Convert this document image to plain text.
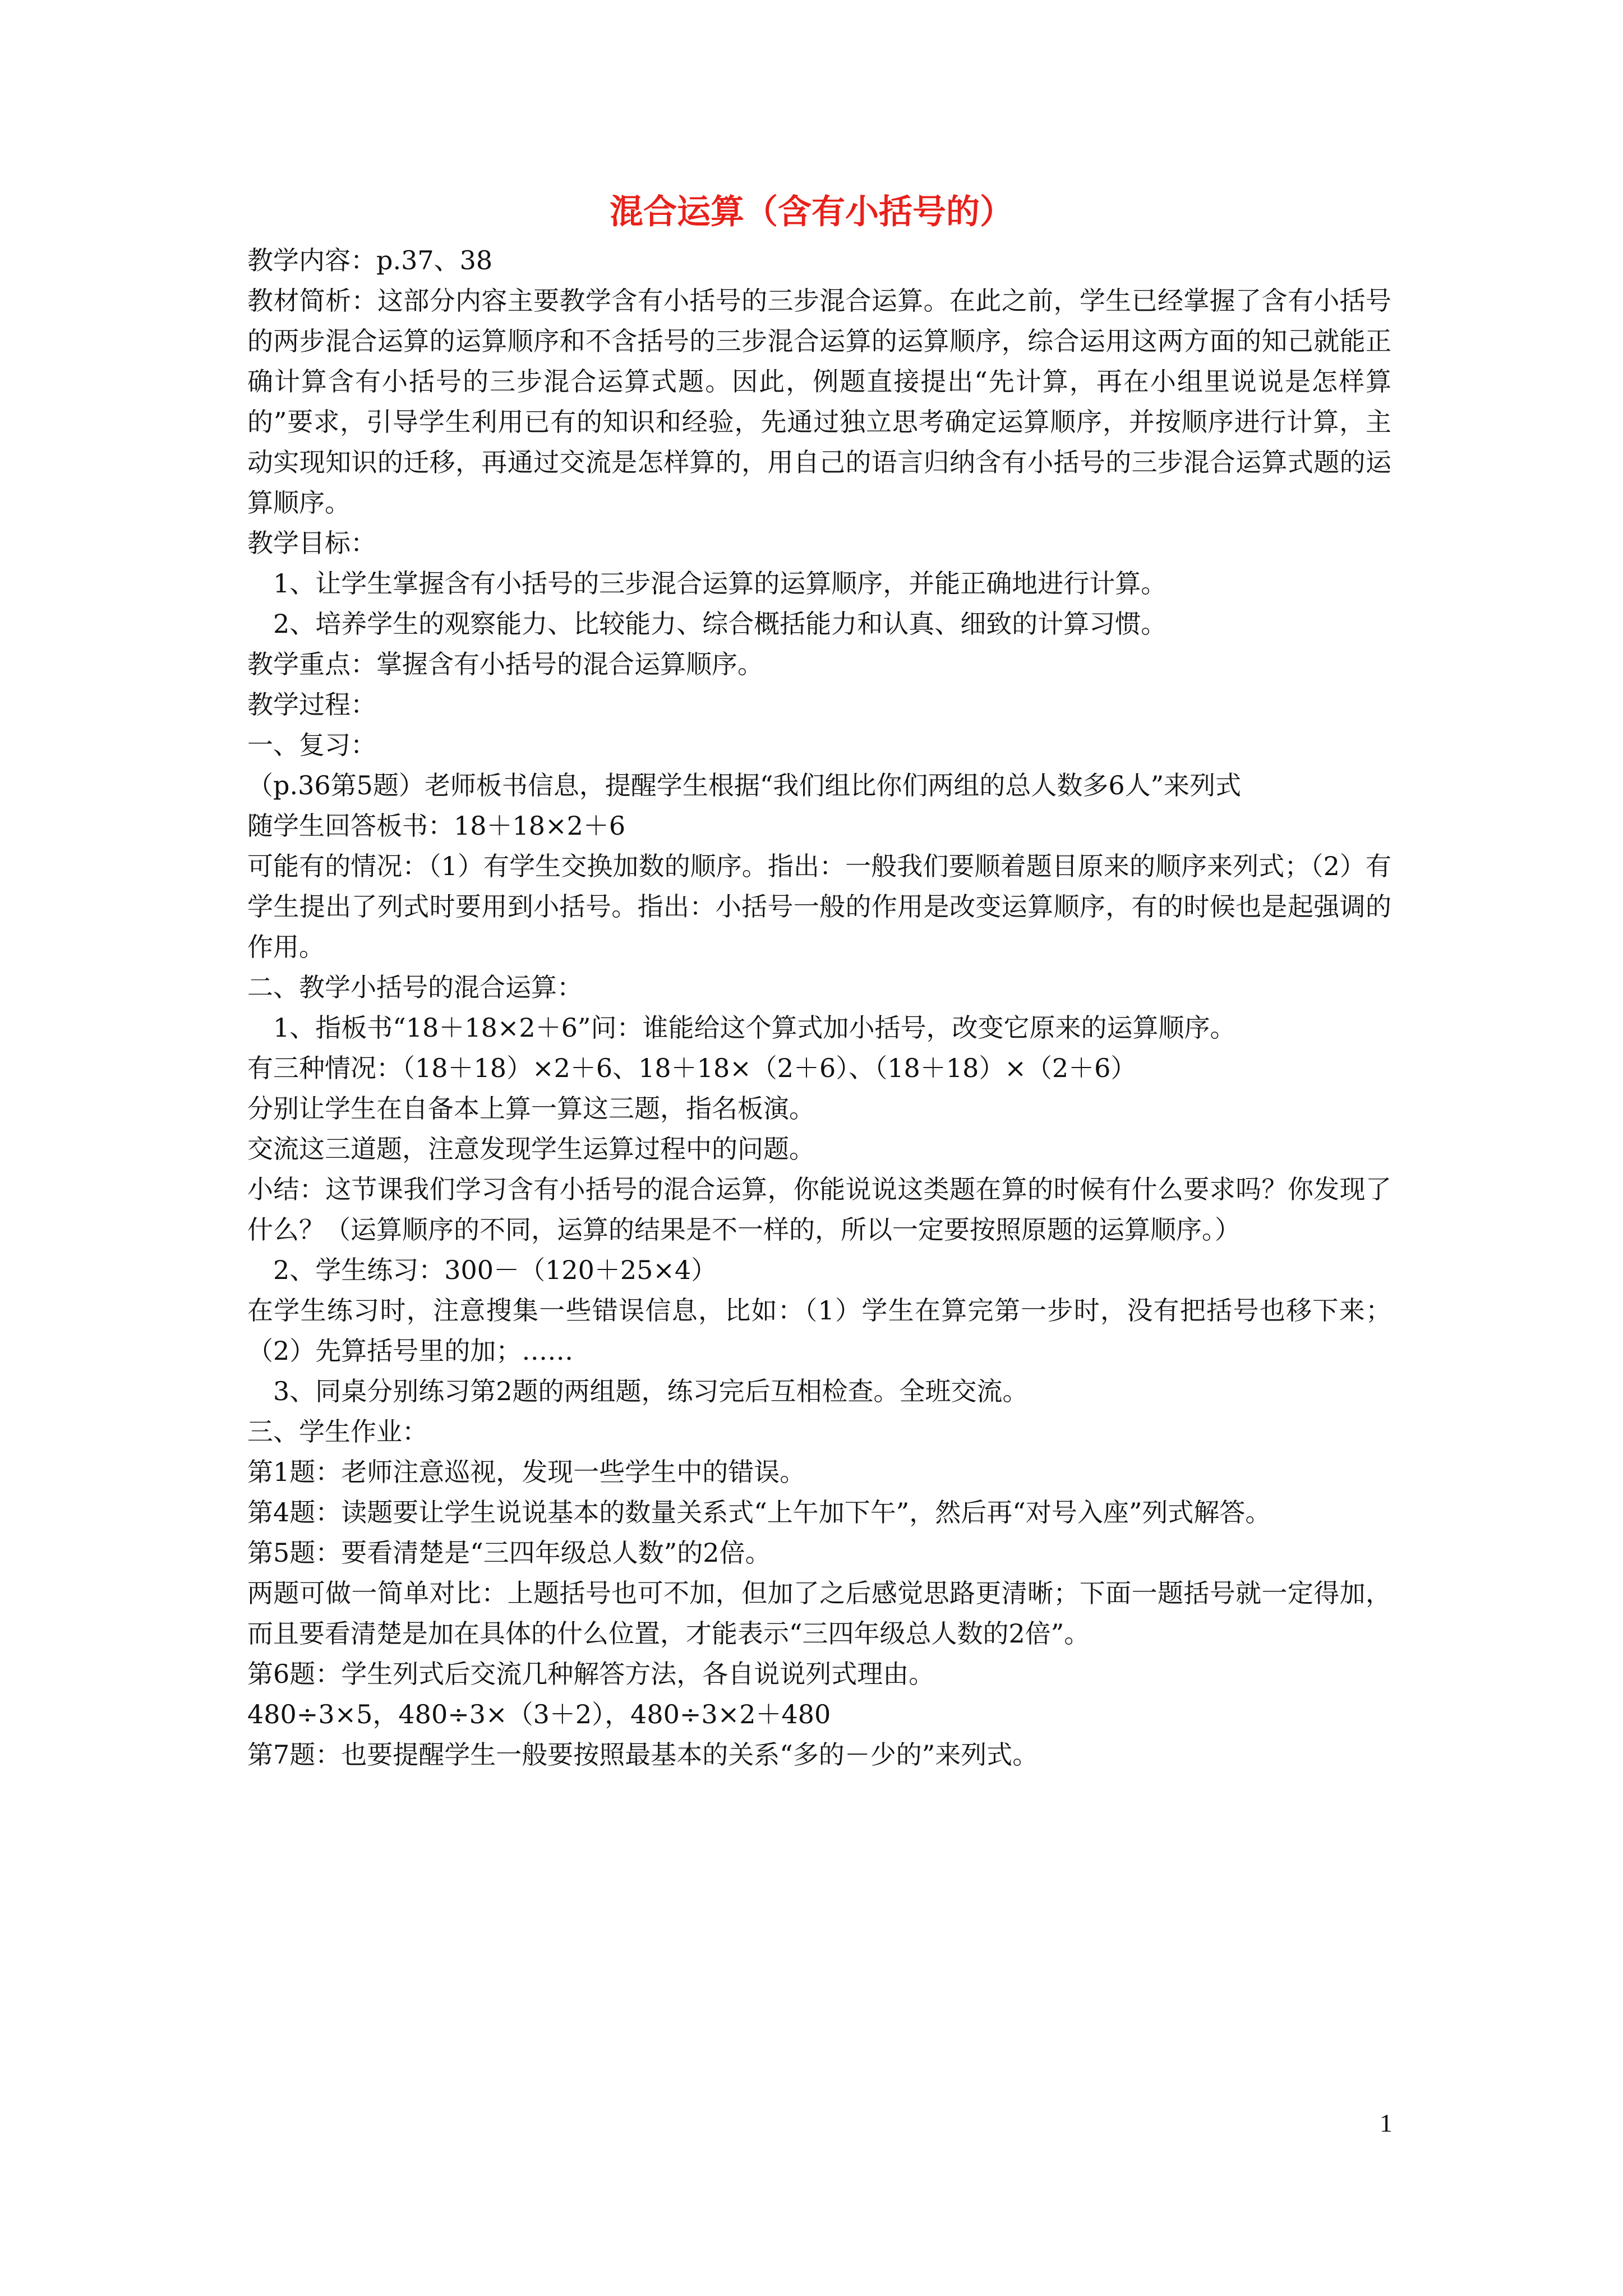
混合运算（含有小括号的）

教学内容：p.37、38

教材简析：这部分内容主要教学含有小括号的三步混合运算。在此之前，学生已经掌握了含有小括号的两步混合运算的运算顺序和不含括号的三步混合运算的运算顺序，综合运用这两方面的知己就能正确计算含有小括号的三步混合运算式题。因此，例题直接提出“先计算，再在小组里说说是怎样算的”要求，引导学生利用已有的知识和经验，先通过独立思考确定运算顺序，并按顺序进行计算，主动实现知识的迁移，再通过交流是怎样算的，用自己的语言归纳含有小括号的三步混合运算式题的运算顺序。

教学目标：

1、让学生掌握含有小括号的三步混合运算的运算顺序，并能正确地进行计算。

2、培养学生的观察能力、比较能力、综合概括能力和认真、细致的计算习惯。

教学重点：掌握含有小括号的混合运算顺序。

教学过程：

一、复习：

（p.36第5题）老师板书信息，提醒学生根据“我们组比你们两组的总人数多6人”来列式

随学生回答板书：18＋18×2＋6

可能有的情况：（1）有学生交换加数的顺序。指出：一般我们要顺着题目原来的顺序来列式；（2）有学生提出了列式时要用到小括号。指出：小括号一般的作用是改变运算顺序，有的时候也是起强调的作用。

二、教学小括号的混合运算：

1、指板书“18＋18×2＋6”问：谁能给这个算式加小括号，改变它原来的运算顺序。

有三种情况：（18＋18）×2＋6、18＋18×（2＋6）、（18＋18）×（2＋6）

分别让学生在自备本上算一算这三题，指名板演。

交流这三道题，注意发现学生运算过程中的问题。

小结：这节课我们学习含有小括号的混合运算，你能说说这类题在算的时候有什么要求吗？你发现了什么？（运算顺序的不同，运算的结果是不一样的，所以一定要按照原题的运算顺序。）

2、学生练习：300－（120＋25×4）

在学生练习时，注意搜集一些错误信息，比如：（1）学生在算完第一步时，没有把括号也移下来；（2）先算括号里的加；……

3、同桌分别练习第2题的两组题，练习完后互相检查。全班交流。

三、学生作业：

第1题：老师注意巡视，发现一些学生中的错误。

第4题：读题要让学生说说基本的数量关系式“上午加下午”，然后再“对号入座”列式解答。

第5题：要看清楚是“三四年级总人数”的2倍。

两题可做一简单对比：上题括号也可不加，但加了之后感觉思路更清晰；下面一题括号就一定得加，而且要看清楚是加在具体的什么位置，才能表示“三四年级总人数的2倍”。

第6题：学生列式后交流几种解答方法，各自说说列式理由。

480÷3×5，480÷3×（3＋2），480÷3×2＋480

第7题：也要提醒学生一般要按照最基本的关系“多的－少的”来列式。

1
